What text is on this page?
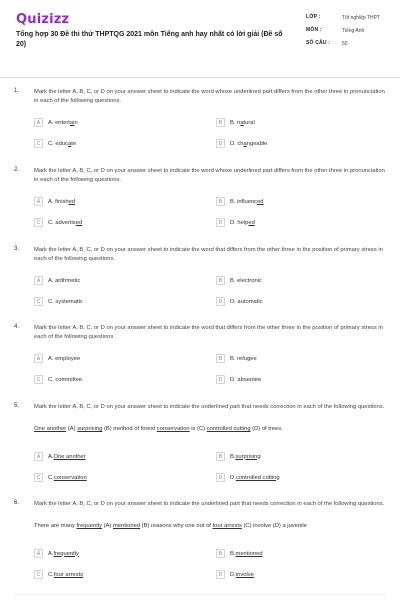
Quizizz
Tổng hợp 30 Đề thi thử THPTQG 2021 môn Tiếng anh hay nhất có lời giải (Đề số 20)
LỚP :	Tốt nghiệp THPT
MÔN :	Tiếng Anh
SỐ CÂU :	50
1.	Mark the letter A, B, C, or D on your answer sheet to indicate the word whose underlined part differs from the other three in pronunciation in each of the following questions.
A	A. entertain	B	B. natural
C	C. educate	D	D. changeable
2.	Mark the letter A, B, C, or D on your answer sheet to indicate the word whose underlined part differs from the other three in pronunciation in each of the following questions.
A	A. finished	B	B. influenced
C	C. advertised	D	D. helped
3.	Mark the letter A, B, C, or D on your answer sheet to indicate the word that differs from the other three in the position of primary stress in each of the following questions.
A	A. arithmetic	B	B. electronic
C	C. systematic	D	D. automatic
4.	Mark the letter A, B, C, or D on your answer sheet to indicate the word that differs from the other three in the position of primary stress in each of the following questions.
A	A. employee	B	B. refugee
C	C. committee	D	D. absentee
5.	Mark the letter A, B, C, or D on your answer sheet to indicate the underlined part that needs correction in each of the following questions.
One another (A) surprising (B) method of forest conservation is (C) controlled cutting (D) of trees.
A	A.One another	B	B.surprising
C	C.conservation	D	D.controlled cutting
6.	Mark the letter A, B, C, or D on your answer sheet to indicate the underlined part that needs correction in each of the following questions.
There are many frequently (A) mentioned (B) reasons why one out of four arrests (C) involve (D) a juvenile
A	A.frequently	B	B.mentioned
C	C.four arrests	D	D.involve
